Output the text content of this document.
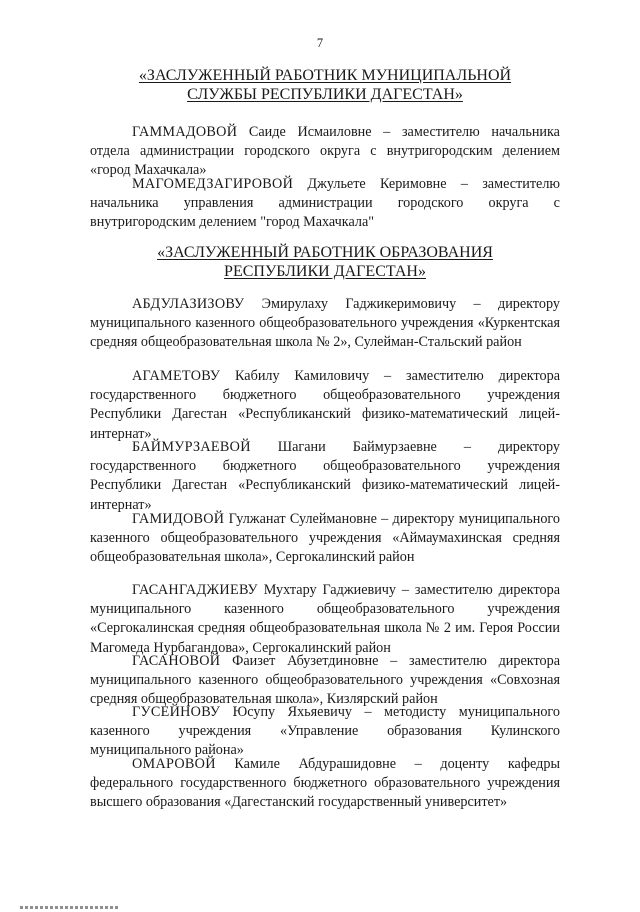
7
«ЗАСЛУЖЕННЫЙ РАБОТНИК МУНИЦИПАЛЬНОЙ
СЛУЖБЫ РЕСПУБЛИКИ ДАГЕСТАН»

ГАММАДОВОЙ Саиде Исмаиловне – заместителю начальника отдела администрации городского округа с внутригородским делением «город Махачкала»

МАГОМЕДЗАГИРОВОЙ Джульете Керимовне – заместителю начальника управления администрации городского округа с внутригородским делением "город Махачкала"

«ЗАСЛУЖЕННЫЙ РАБОТНИК ОБРАЗОВАНИЯ
РЕСПУБЛИКИ ДАГЕСТАН»

АБДУЛАЗИЗОВУ Эмирулаху Гаджикеримовичу – директору муниципального казенного общеобразовательного учреждения «Куркентская средняя общеобразовательная школа № 2», Сулейман-Стальский район

АГАМЕТОВУ Кабилу Камиловичу – заместителю директора государственного бюджетного общеобразовательного учреждения Республики Дагестан «Республиканский физико-математический лицей-интернат»

БАЙМУРЗАЕВОЙ Шагани Баймурзаевне – директору государственного бюджетного общеобразовательного учреждения Республики Дагестан «Республиканский физико-математический лицей-интернат»

ГАМИДОВОЙ Гулжанат Сулеймановне – директору муниципального казенного общеобразовательного учреждения «Аймаумахинская средняя общеобразовательная школа», Сергокалинский район

ГАСАНГАДЖИЕВУ Мухтару Гаджиевичу – заместителю директора муниципального казенного общеобразовательного учреждения «Сергокалинская средняя общеобразовательная школа № 2 им. Героя России Магомеда Нурбагандова», Сергокалинский район

ГАСАНОВОЙ Фаизет Абузетдиновне – заместителю директора муниципального казенного общеобразовательного учреждения «Совхозная средняя общеобразовательная школа», Кизлярский район

ГУСЕЙНОВУ Юсупу Яхьяевичу – методисту муниципального казенного учреждения «Управление образования Кулинского муниципального района»

ОМАРОВОЙ Камиле Абдурашидовне – доценту кафедры федерального государственного бюджетного образовательного учреждения высшего образования «Дагестанский государственный университет»
